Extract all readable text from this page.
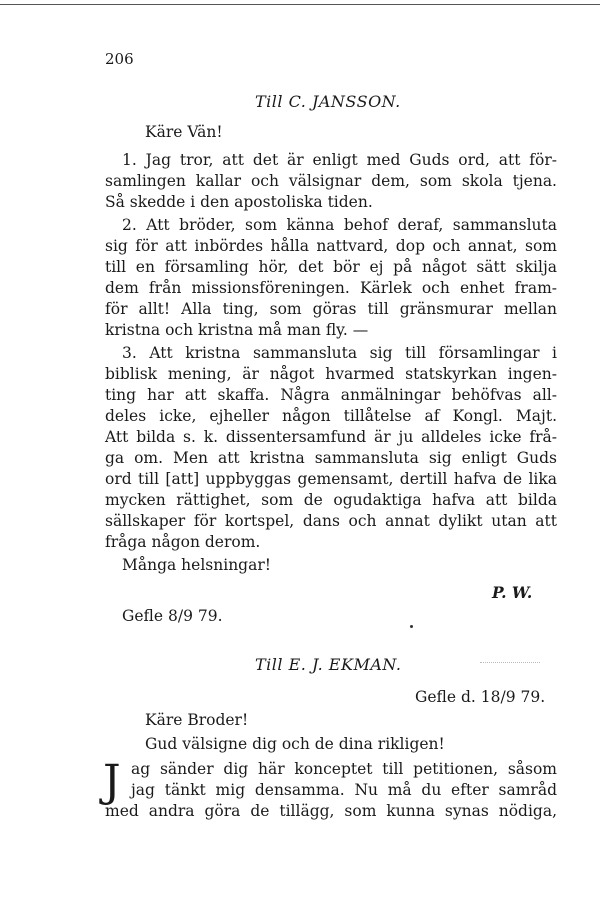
206
Till C. JANSSON.
Käre Vän!
1. Jag tror, att det är enligt med Guds ord, att för-
samlingen kallar och välsignar dem, som skola tjena.
Så skedde i den apostoliska tiden.
2. Att bröder, som känna behof deraf, sammansluta
sig för att inbördes hålla nattvard, dop och annat, som
till en församling hör, det bör ej på något sätt skilja
dem från missionsföreningen. Kärlek och enhet fram-
för allt! Alla ting, som göras till gränsmurar mellan
kristna och kristna må man fly. —
3. Att kristna sammansluta sig till församlingar i
biblisk mening, är något hvarmed statskyrkan ingen-
ting har att skaffa. Några anmälningar behöfvas all-
deles icke, ejheller någon tillåtelse af Kongl. Majt.
Att bilda s. k. dissentersamfund är ju alldeles icke frå-
ga om. Men att kristna sammansluta sig enligt Guds
ord till [att] uppbyggas gemensamt, dertill hafva de lika
mycken rättighet, som de ogudaktiga hafva att bilda
sällskaper för kortspel, dans och annat dylikt utan att
fråga någon derom.
Många helsningar!
P. W.
Gefle 8/9 79.
Till E. J. EKMAN.
Gefle d. 18/9 79.
Käre Broder!
Gud välsigne dig och de dina rikligen!
J ag sänder dig här konceptet till petitionen, såsom
jag tänkt mig densamma. Nu må du efter samråd
med andra göra de tillägg, som kunna synas nödiga,
